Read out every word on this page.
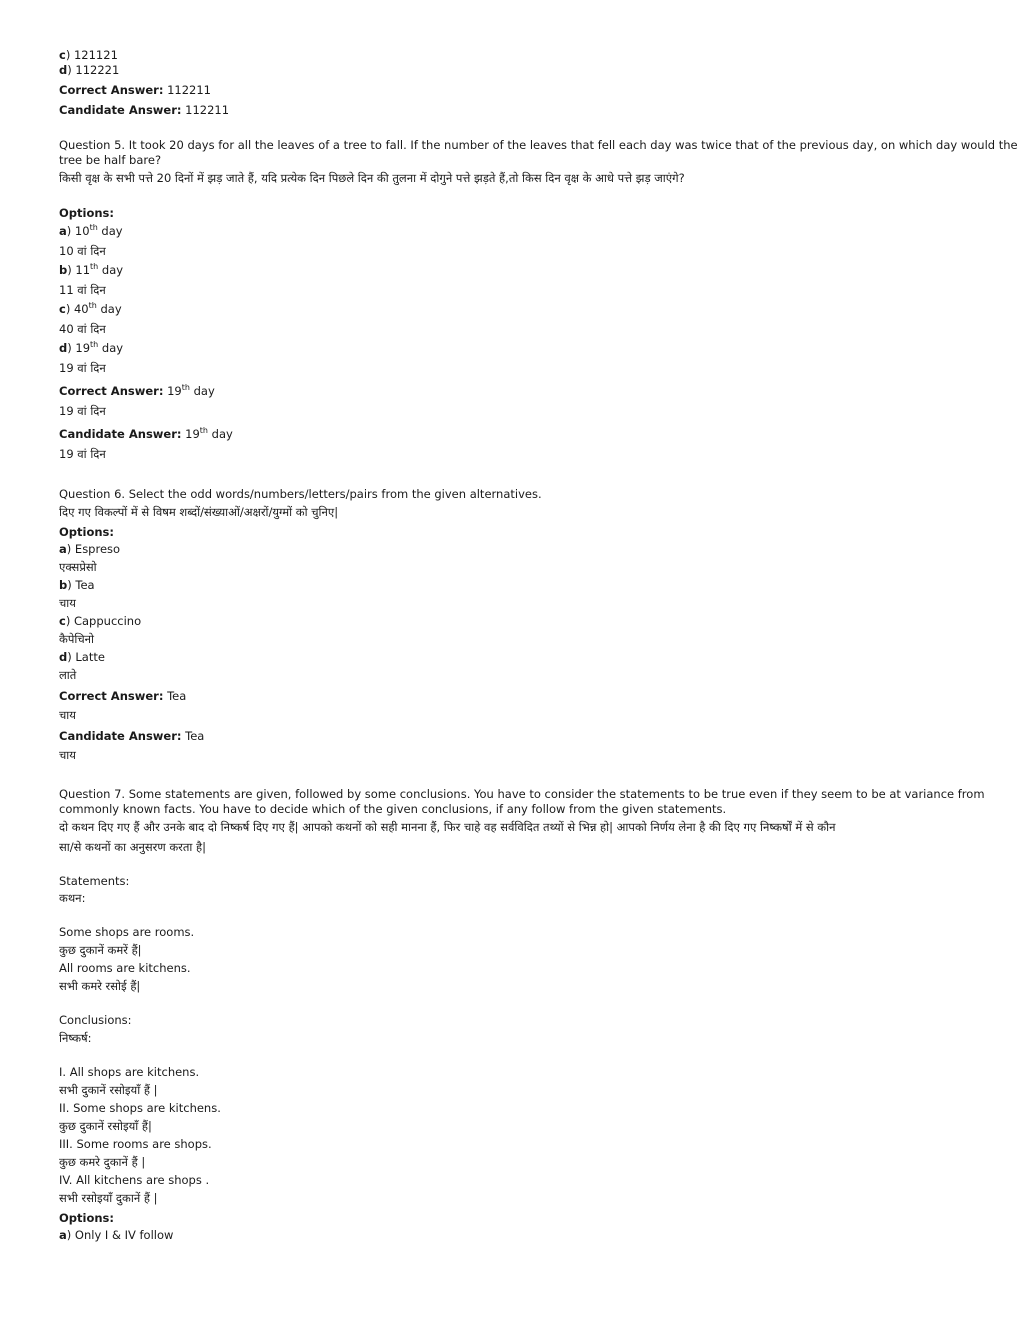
c) 121121
d) 112221
Correct Answer: 112211
Candidate Answer: 112211
Question 5. It took 20 days for all the leaves of a tree to fall. If the number of the leaves that fell each day was twice that of the previous day, on which day would the
tree be half bare?
किसी वृक्ष के सभी पत्ते 20 दिनों में झड़ जाते हैं, यदि प्रत्येक दिन पिछले दिन की तुलना में दोगुने पत्ते झड़ते हैं,तो किस दिन वृक्ष के आधे पत्ते झड़ जाएंगे?
Options:
a) 10th day
10 वां दिन
b) 11th day
11 वां दिन
c) 40th day
40 वां दिन
d) 19th day
19 वां दिन
Correct Answer: 19th day
19 वां दिन
Candidate Answer: 19th day
19 वां दिन
Question 6. Select the odd words/numbers/letters/pairs from the given alternatives.
दिए गए विकल्पों में से विषम शब्दों/संख्याओं/अक्षरों/युग्मों को चुनिए|
Options:
a) Espreso
एक्सप्रेसो
b) Tea
चाय
c) Cappuccino
कैपेचिनो
d) Latte
लाते
Correct Answer: Tea
चाय
Candidate Answer: Tea
चाय
Question 7. Some statements are given, followed by some conclusions. You have to consider the statements to be true even if they seem to be at variance from
commonly known facts. You have to decide which of the given conclusions, if any follow from the given statements.
दो कथन दिए गए हैं और उनके बाद दो निष्कर्ष दिए गए हैं| आपको कथनों को सही मानना हैं, फिर चाहे वह सर्वविदित तथ्यों से भिन्न हो| आपको निर्णय लेना है की दिए गए निष्कर्षों में से कौन
सा/से कथनों का अनुसरण करता है|
Statements:
कथन:
Some shops are rooms.
कुछ दुकानें कमरें हैं|
All rooms are kitchens.
सभी कमरे रसोई हैं|
Conclusions:
निष्कर्ष:
I. All shops are kitchens.
सभी दुकानें रसोइयाँ हैं |
II. Some shops are kitchens.
कुछ दुकानें रसोइयाँ हैं|
III. Some rooms are shops.
कुछ कमरे दुकानें हैं |
IV. All kitchens are shops .
सभी रसोइयाँ दुकानें हैं |
Options:
a) Only I & IV follow
